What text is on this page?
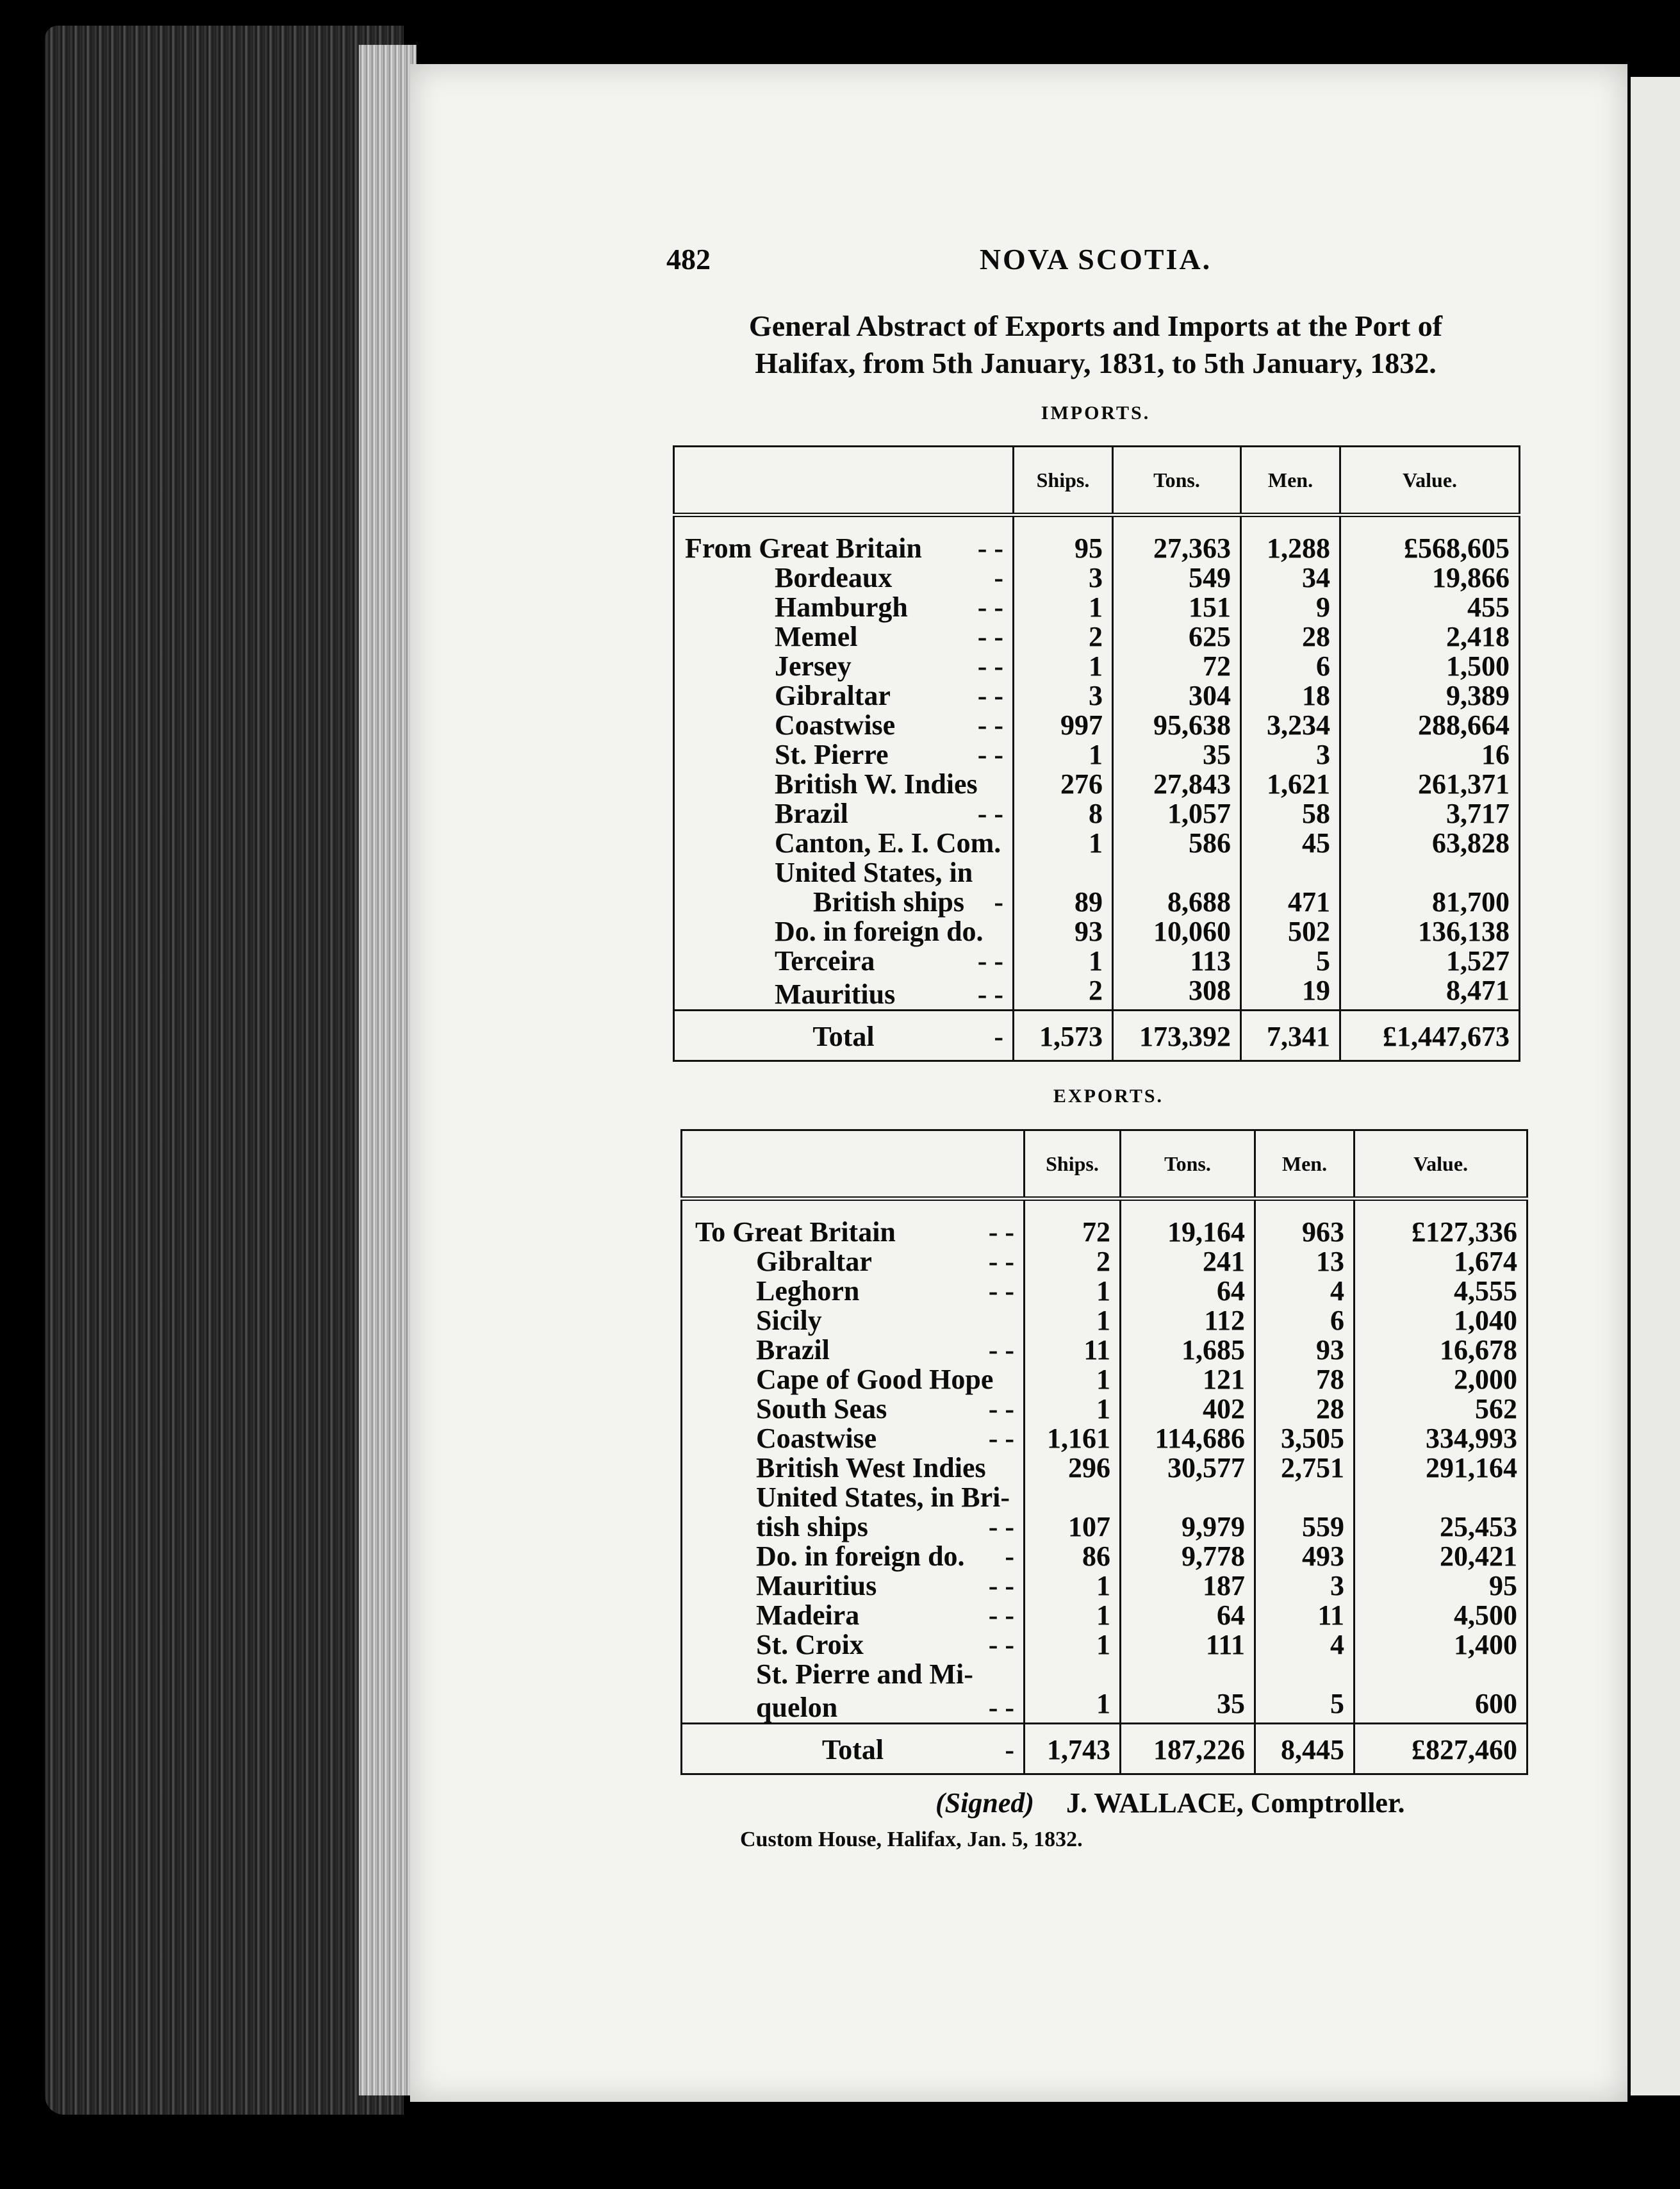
482	NOVA SCOTIA.
General Abstract of Exports and Imports at the Port of
Halifax, from 5th January, 1831, to 5th January, 1832.
IMPORTS.
	Ships.	Tons.	Men.	Value.
From Great Britain - -	95	27,363	1,288	£568,605
Bordeaux -	3	549	34	19,866
Hamburgh - -	1	151	9	455
Memel - -	2	625	28	2,418
Jersey - -	1	72	6	1,500
Gibraltar - -	3	304	18	9,389
Coastwise - -	997	95,638	3,234	288,664
St. Pierre - -	1	35	3	16
British W. Indies	276	27,843	1,621	261,371
Brazil - -	8	1,057	58	3,717
Canton, E. I. Com.	1	586	45	63,828
United States, in

British ships -	89	8,688	471	81,700
Do. in foreign do.	93	10,060	502	136,138
Terceira - -	1	113	5	1,527
Mauritius - -	2	308	19	8,471
Total -	1,573	173,392	7,341	£1,447,673
EXPORTS.
	Ships.	Tons.	Men.	Value.
To Great Britain - -	72	19,164	963	£127,336
Gibraltar - -	2	241	13	1,674
Leghorn - -	1	64	4	4,555
Sicily	1	112	6	1,040
Brazil - -	11	1,685	93	16,678
Cape of Good Hope	1	121	78	2,000
South Seas - -	1	402	28	562
Coastwise - -	1,161	114,686	3,505	334,993
British West Indies	296	30,577	2,751	291,164
United States, in Bri-

tish ships - -	107	9,979	559	25,453
Do. in foreign do. -	86	9,778	493	20,421
Mauritius - -	1	187	3	95
Madeira - -	1	64	11	4,500
St. Croix - -	1	111	4	1,400
St. Pierre and Mi-

quelon - -	1	35	5	600
Total -	1,743	187,226	8,445	£827,460
(Signed) J. WALLACE, Comptroller.
Custom House, Halifax, Jan. 5, 1832.
